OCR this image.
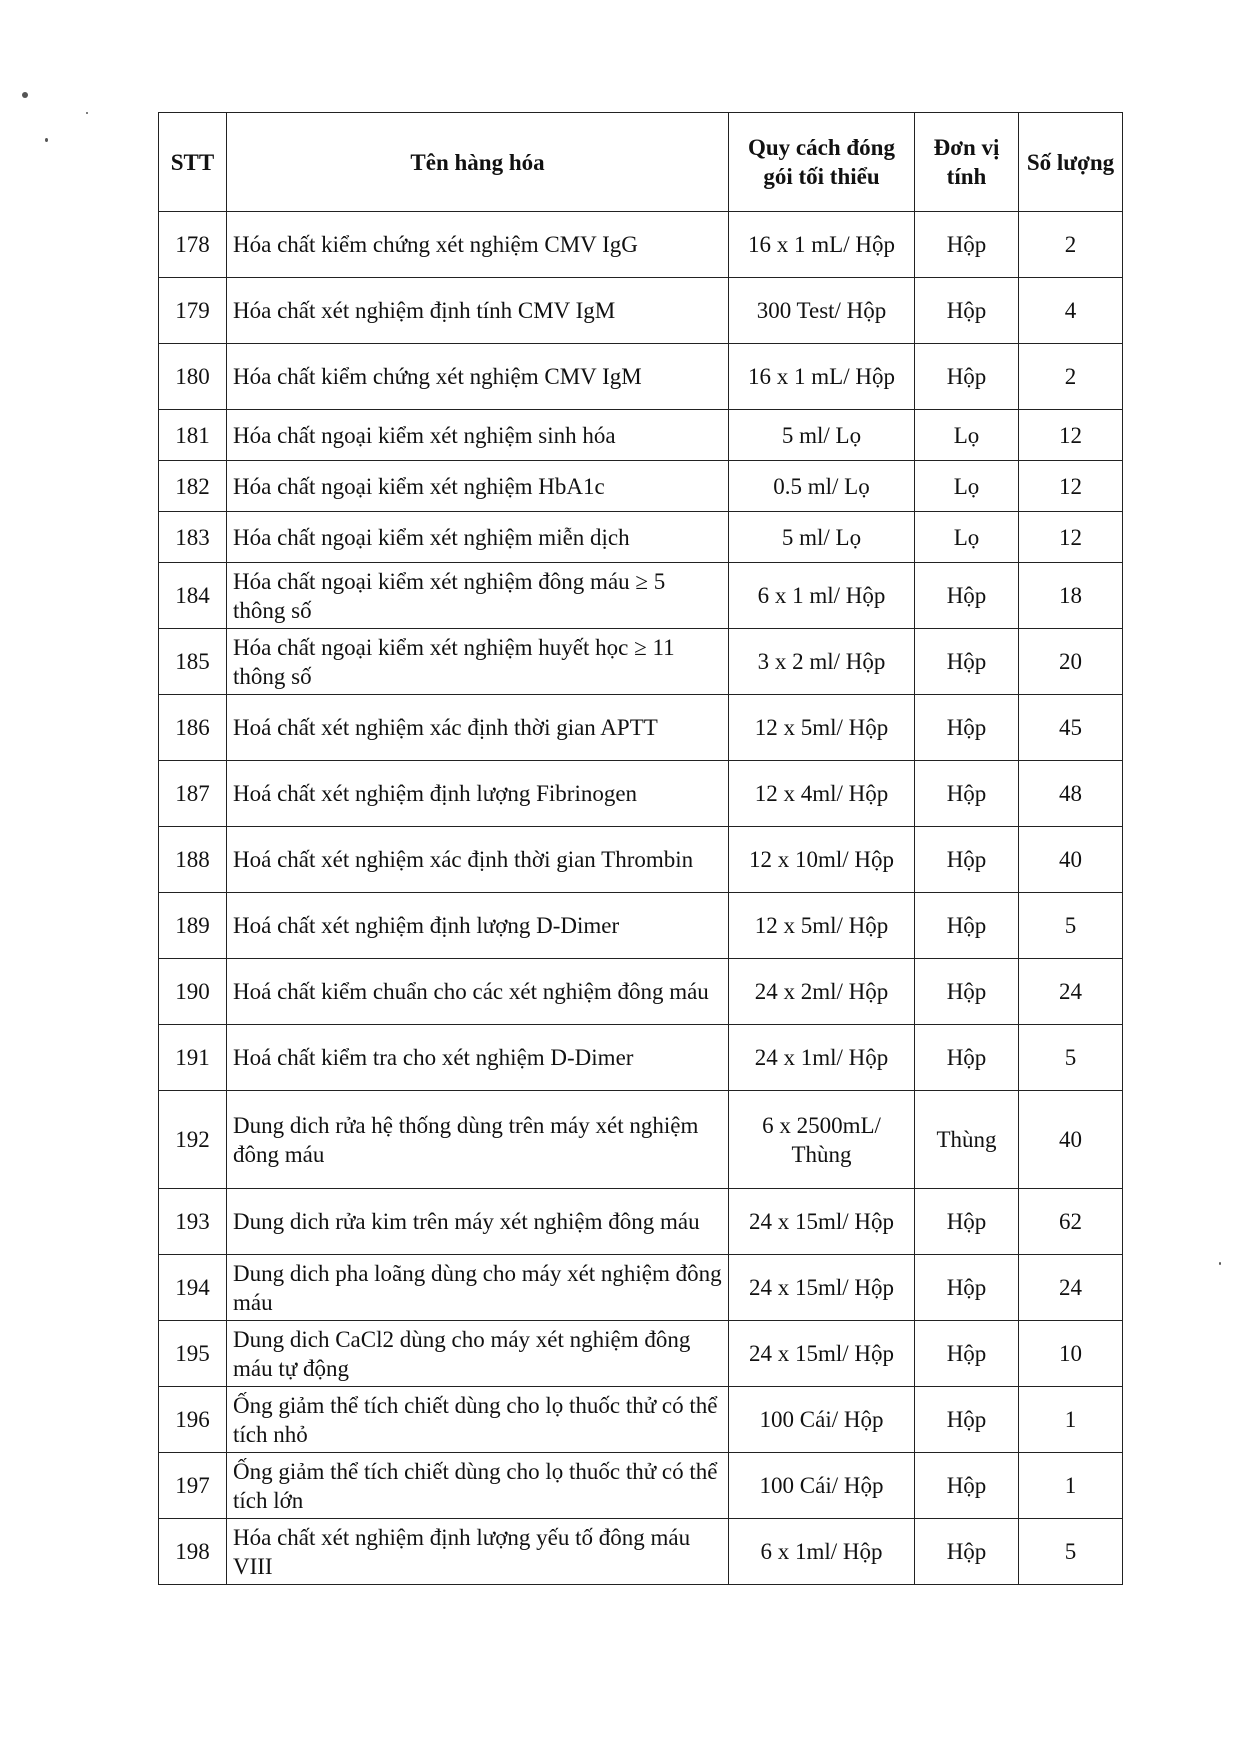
STT	Tên hàng hóa	Quy cách đóng gói tối thiểu	Đơn vị tính	Số lượng
178	Hóa chất kiểm chứng xét nghiệm CMV IgG	16 x 1 mL/ Hộp	Hộp	2
179	Hóa chất xét nghiệm định tính CMV IgM	300 Test/ Hộp	Hộp	4
180	Hóa chất kiểm chứng xét nghiệm CMV IgM	16 x 1 mL/ Hộp	Hộp	2
181	Hóa chất ngoại kiểm xét nghiệm sinh hóa	5 ml/ Lọ	Lọ	12
182	Hóa chất ngoại kiểm xét nghiệm HbA1c	0.5 ml/ Lọ	Lọ	12
183	Hóa chất ngoại kiểm xét nghiệm miễn dịch	5 ml/ Lọ	Lọ	12
184	Hóa chất ngoại kiểm xét nghiệm đông máu ≥ 5 thông số	6 x 1 ml/ Hộp	Hộp	18
185	Hóa chất ngoại kiểm xét nghiệm huyết học ≥ 11 thông số	3 x 2 ml/ Hộp	Hộp	20
186	Hoá chất xét nghiệm xác định thời gian APTT	12 x 5ml/ Hộp	Hộp	45
187	Hoá chất xét nghiệm định lượng Fibrinogen	12 x 4ml/ Hộp	Hộp	48
188	Hoá chất xét nghiệm xác định thời gian Thrombin	12 x 10ml/ Hộp	Hộp	40
189	Hoá chất xét nghiệm định lượng D-Dimer	12 x 5ml/ Hộp	Hộp	5
190	Hoá chất kiểm chuẩn cho các xét nghiệm đông máu	24 x 2ml/ Hộp	Hộp	24
191	Hoá chất kiểm tra cho xét nghiệm D-Dimer	24 x 1ml/ Hộp	Hộp	5
192	Dung dich rửa hệ thống dùng trên máy xét nghiệm đông máu	6 x 2500mL/ Thùng	Thùng	40
193	Dung dich rửa kim trên máy xét nghiệm đông máu	24 x 15ml/ Hộp	Hộp	62
194	Dung dich pha loãng dùng cho máy xét nghiệm đông máu	24 x 15ml/ Hộp	Hộp	24
195	Dung dich CaCl2 dùng cho máy xét nghiệm đông máu tự động	24 x 15ml/ Hộp	Hộp	10
196	Ống giảm thể tích chiết dùng cho lọ thuốc thử có thể tích nhỏ	100 Cái/ Hộp	Hộp	1
197	Ống giảm thể tích chiết dùng cho lọ thuốc thử có thể tích lớn	100 Cái/ Hộp	Hộp	1
198	Hóa chất xét nghiệm định lượng yếu tố đông máu VIII	6 x 1ml/ Hộp	Hộp	5
